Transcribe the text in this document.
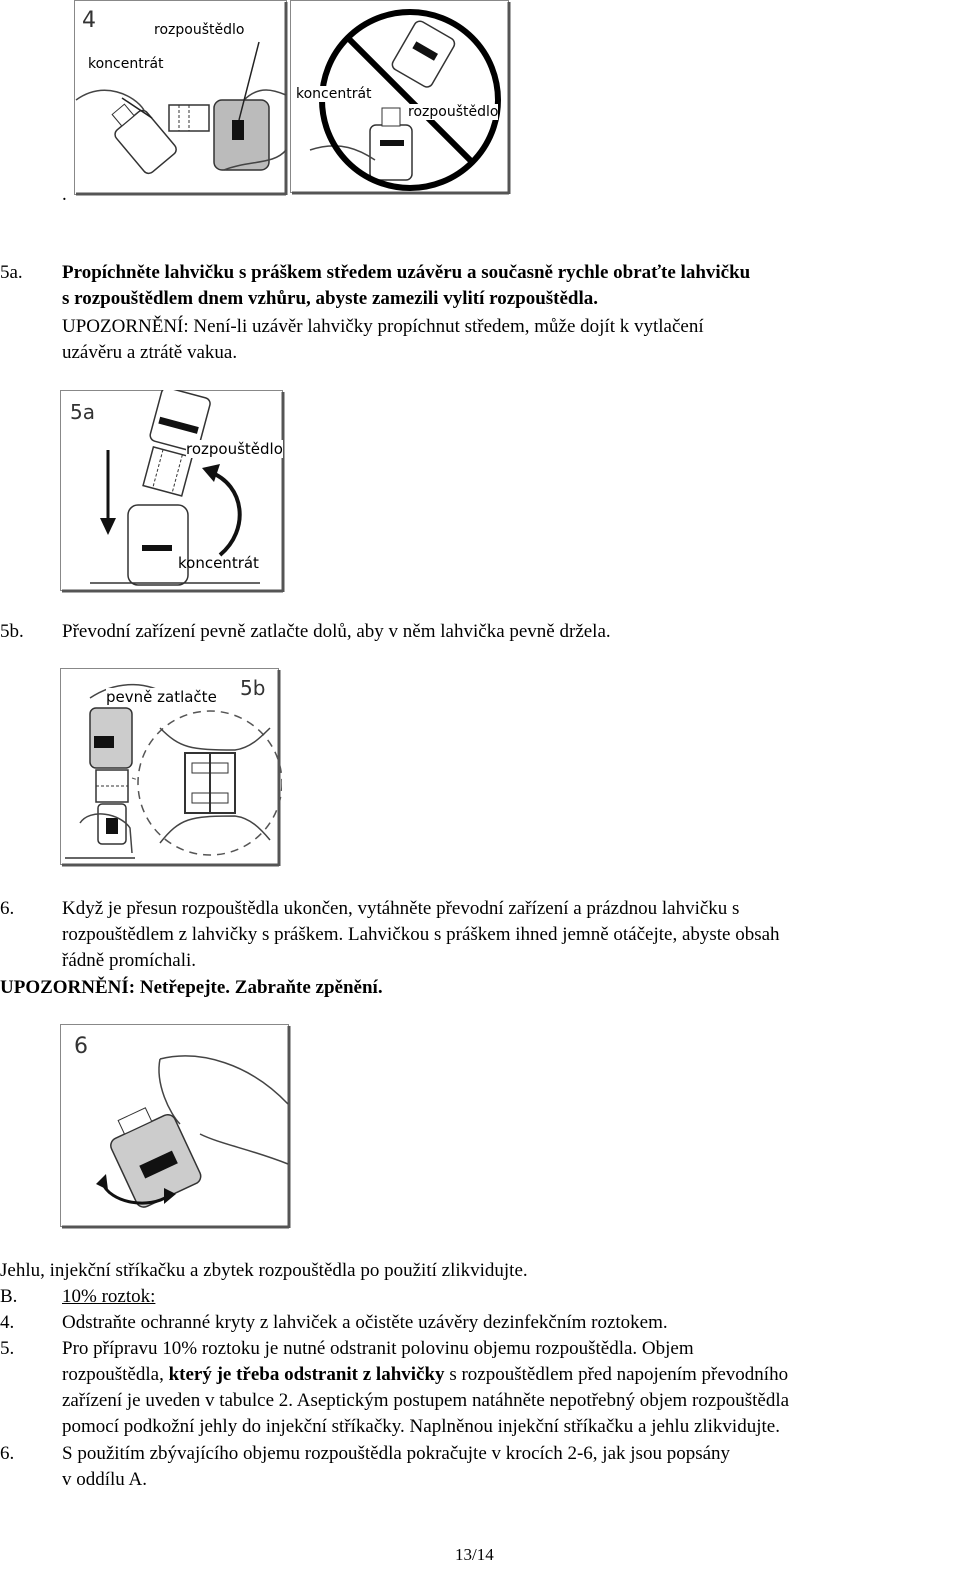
4	rozpouštědlo
koncentrát
koncentrát
rozpouštědlo
.
5a. Propíchněte lahvičku s práškem středem uzávěru a současně rychle obraťte lahvičku
s rozpouštědlem dnem vzhůru, abyste zamezili vylití rozpouštědla.
UPOZORNĚNÍ: Není-li uzávěr lahvičky propíchnut středem, může dojít k vytlačení
uzávěru a ztrátě vakua.
5a
rozpouštědlo
koncentrát
5b. Převodní zařízení pevně zatlačte dolů, aby v něm lahvička pevně držela.
pevně zatlačte 5b
6.	Když je přesun rozpouštědla ukončen, vytáhněte převodní zařízení a prázdnou lahvičku s
rozpouštědlem z lahvičky s práškem. Lahvičkou s práškem ihned jemně otáčejte, abyste obsah
řádně promíchali.
UPOZORNĚNÍ: Netřepejte. Zabraňte zpěnění.
6
Jehlu, injekční stříkačku a zbytek rozpouštědla po použití zlikvidujte.
B. 10% roztok:
4.	Odstraňte ochranné kryty z lahviček a očistěte uzávěry dezinfekčním roztokem.
5.	Pro přípravu 10% roztoku je nutné odstranit polovinu objemu rozpouštědla. Objem
rozpouštědla, který je třeba odstranit z lahvičky s rozpouštědlem před napojením převodního
zařízení je uveden v tabulce 2. Aseptickým postupem natáhněte nepotřebný objem rozpouštědla
pomocí podkožní jehly do injekční stříkačky. Naplněnou injekční stříkačku a jehlu zlikvidujte.
6.	S použitím zbývajícího objemu rozpouštědla pokračujte v krocích 2-6, jak jsou popsány
v oddílu A.
13/14
